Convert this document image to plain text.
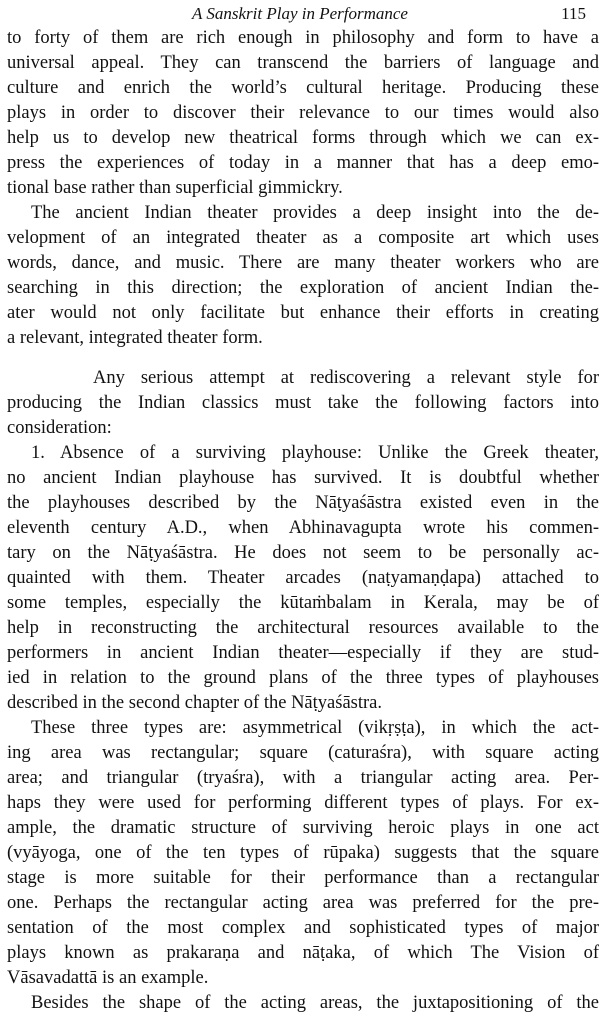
A Sanskrit Play in Performance	115
to forty of them are rich enough in philosophy and form to have a
universal appeal. They can transcend the barriers of language and
culture and enrich the world’s cultural heritage. Producing these
plays in order to discover their relevance to our times would also
help us to develop new theatrical forms through which we can ex-
press the experiences of today in a manner that has a deep emo-
tional base rather than superficial gimmickry.
The ancient Indian theater provides a deep insight into the de-
velopment of an integrated theater as a composite art which uses
words, dance, and music. There are many theater workers who are
searching in this direction; the exploration of ancient Indian the-
ater would not only facilitate but enhance their efforts in creating
a relevant, integrated theater form.
Any serious attempt at rediscovering a relevant style for
producing the Indian classics must take the following factors into
consideration:
1. Absence of a surviving playhouse: Unlike the Greek theater,
no ancient Indian playhouse has survived. It is doubtful whether
the playhouses described by the Nāṭyaśāstra existed even in the
eleventh century A.D., when Abhinavagupta wrote his commen-
tary on the Nāṭyaśāstra. He does not seem to be personally ac-
quainted with them. Theater arcades (naṭyamaṇḍapa) attached to
some temples, especially the kūtaṁbalam in Kerala, may be of
help in reconstructing the architectural resources available to the
performers in ancient Indian theater—especially if they are stud-
ied in relation to the ground plans of the three types of playhouses
described in the second chapter of the Nāṭyaśāstra.
These three types are: asymmetrical (vikṛṣṭa), in which the act-
ing area was rectangular; square (caturaśra), with square acting
area; and triangular (tryaśra), with a triangular acting area. Per-
haps they were used for performing different types of plays. For ex-
ample, the dramatic structure of surviving heroic plays in one act
(vyāyoga, one of the ten types of rūpaka) suggests that the square
stage is more suitable for their performance than a rectangular
one. Perhaps the rectangular acting area was preferred for the pre-
sentation of the most complex and sophisticated types of major
plays known as prakaraṇa and nāṭaka, of which The Vision of
Vāsavadattā is an example.
Besides the shape of the acting areas, the juxtapositioning of the
